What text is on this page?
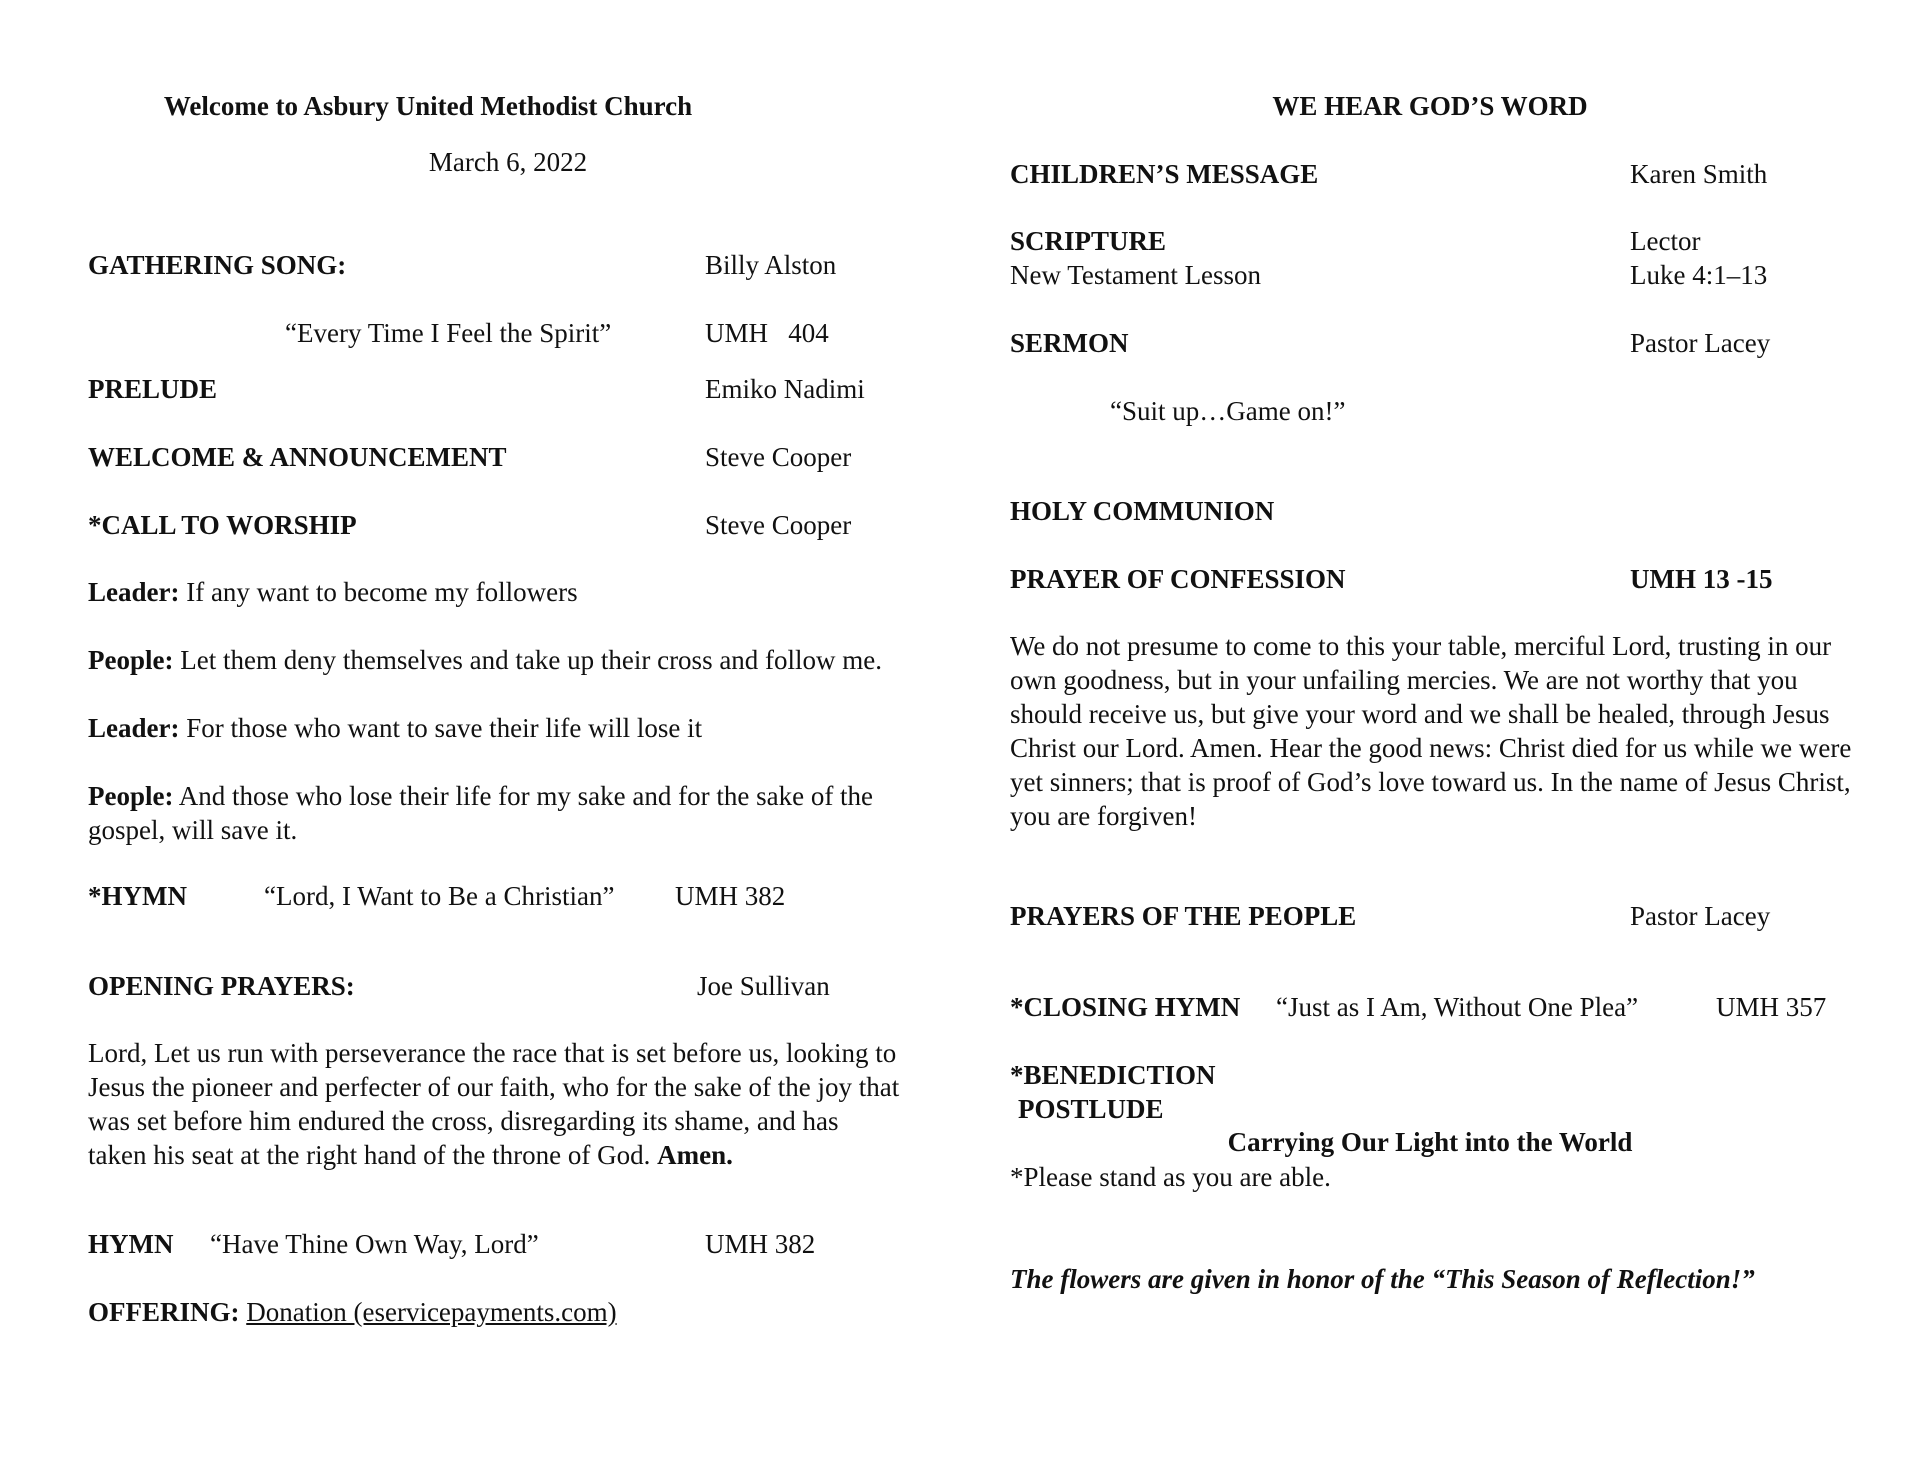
Welcome to Asbury United Methodist Church
March 6, 2022
GATHERING SONG:	Billy Alston
“Every Time I Feel the Spirit”	UMH   404
PRELUDE	Emiko Nadimi
WELCOME & ANNOUNCEMENT	Steve Cooper
*CALL TO WORSHIP	Steve Cooper
Leader: If any want to become my followers
People: Let them deny themselves and take up their cross and follow me.
Leader: For those who want to save their life will lose it
People: And those who lose their life for my sake and for the sake of the gospel, will save it.
*HYMN	“Lord, I Want to Be a Christian” UMH 382
OPENING PRAYERS:	Joe Sullivan
Lord, Let us run with perseverance the race that is set before us, looking to Jesus the pioneer and perfecter of our faith, who for the sake of the joy that was set before him endured the cross, disregarding its shame, and has taken his seat at the right hand of the throne of God. Amen.
HYMN “Have Thine Own Way, Lord”	UMH 382
OFFERING: Donation (eservicepayments.com)
WE HEAR GOD’S WORD
CHILDREN’S MESSAGE	Karen Smith
SCRIPTURE	Lector
New Testament Lesson	Luke 4:1–13
SERMON	Pastor Lacey
“Suit up…Game on!”
HOLY COMMUNION
PRAYER OF CONFESSION	UMH 13 -15
We do not presume to come to this your table, merciful Lord, trusting in our own goodness, but in your unfailing mercies. We are not worthy that you should receive us, but give your word and we shall be healed, through Jesus Christ our Lord. Amen. Hear the good news: Christ died for us while we were yet sinners; that is proof of God’s love toward us. In the name of Jesus Christ, you are forgiven!
PRAYERS OF THE PEOPLE	Pastor Lacey
*CLOSING HYMN “Just as I Am, Without One Plea”	UMH 357
*BENEDICTION
POSTLUDE
Carrying Our Light into the World
*Please stand as you are able.
The flowers are given in honor of the “This Season of Reflection!”
